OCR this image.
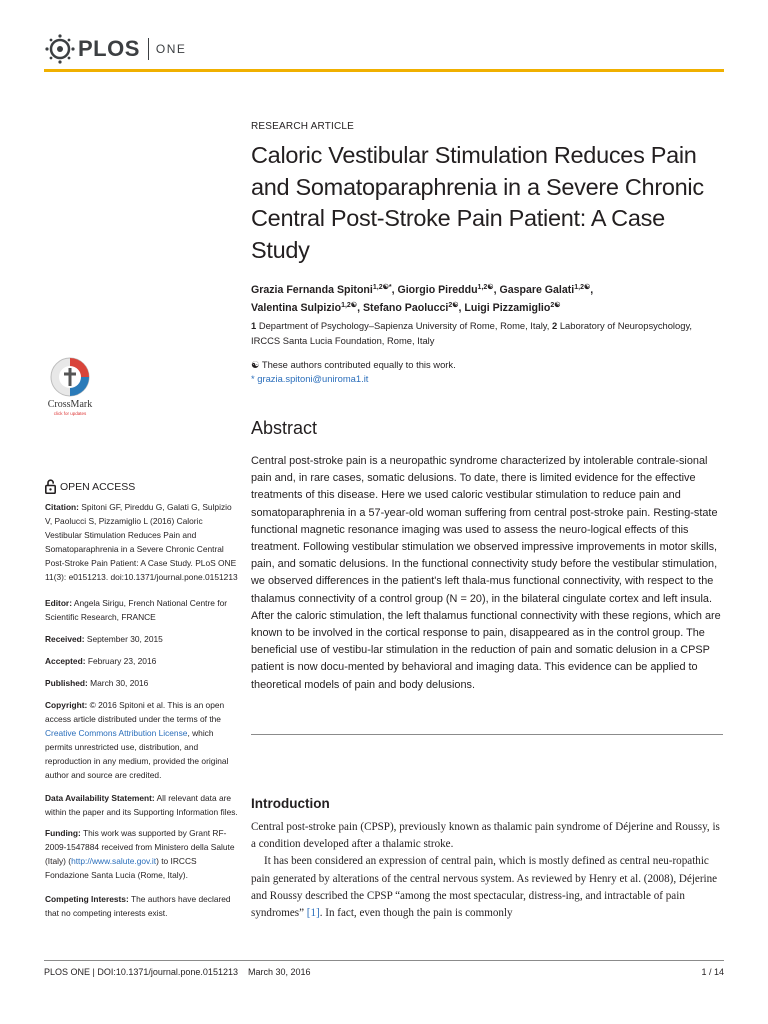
PLOS ONE
RESEARCH ARTICLE
Caloric Vestibular Stimulation Reduces Pain and Somatoparaphrenia in a Severe Chronic Central Post-Stroke Pain Patient: A Case Study
Grazia Fernanda Spitoni$^{1,2☯*}$, Giorgio Pireddu$^{1,2☯}$, Gaspare Galati$^{1,2☯}$,
Valentina Sulpizio$^{1,2☯}$, Stefano Paolucci$^{2☯}$, Luigi Pizzamiglio$^{2☯}$
1 Department of Psychology–Sapienza University of Rome, Rome, Italy, 2 Laboratory of Neuropsychology, IRCCS Santa Lucia Foundation, Rome, Italy
☯ These authors contributed equally to this work.
* grazia.spitoni@uniroma1.it
Abstract

Central post-stroke pain is a neuropathic syndrome characterized by intolerable contrale-sional pain and, in rare cases, somatic delusions. To date, there is limited evidence for the effective treatments of this disease. Here we used caloric vestibular stimulation to reduce pain and somatoparaphrenia in a 57-year-old woman suffering from central post-stroke pain. Resting-state functional magnetic resonance imaging was used to assess the neuro-logical effects of this treatment. Following vestibular stimulation we observed impressive improvements in motor skills, pain, and somatic delusions. In the functional connectivity study before the vestibular stimulation, we observed differences in the patient's left thala-mus functional connectivity, with respect to the thalamus connectivity of a control group (N = 20), in the bilateral cingulate cortex and left insula. After the caloric stimulation, the left thalamus functional connectivity with these regions, which are known to be involved in the cortical response to pain, disappeared as in the control group. The beneficial use of vestibu-lar stimulation in the reduction of pain and somatic delusion in a CPSP patient is now docu-mented by behavioral and imaging data. This evidence can be applied to theoretical models of pain and body delusions.

Introduction
Central post-stroke pain (CPSP), previously known as thalamic pain syndrome of Déjerine and Roussy, is a condition developed after a thalamic stroke.
It has been considered an expression of central pain, which is mostly defined as central neu-ropathic pain generated by alterations of the central nervous system. As reviewed by Henry et al. (2008), Déjerine and Roussy described the CPSP “among the most spectacular, distress-ing, and intractable of pain syndromes” [1]. In fact, even though the pain is commonly
CrossMark
click for updates
OPEN ACCESS
Citation: Spitoni GF, Pireddu G, Galati G, Sulpizio V, Paolucci S, Pizzamiglio L (2016) Caloric Vestibular Stimulation Reduces Pain and Somatoparaphrenia in a Severe Chronic Central Post-Stroke Pain Patient: A Case Study. PLoS ONE 11(3): e0151213. doi:10.1371/journal.pone.0151213
Editor: Angela Sirigu, French National Centre for Scientific Research, FRANCE
Received: September 30, 2015
Accepted: February 23, 2016
Published: March 30, 2016
Copyright: © 2016 Spitoni et al. This is an open access article distributed under the terms of the Creative Commons Attribution License, which permits unrestricted use, distribution, and reproduction in any medium, provided the original author and source are credited.
Data Availability Statement: All relevant data are within the paper and its Supporting Information files.
Funding: This work was supported by Grant RF-2009-1547884 received from Ministero della Salute (Italy) (http://www.salute.gov.it) to IRCCS Fondazione Santa Lucia (Rome, Italy).
Competing Interests: The authors have declared that no competing interests exist.
PLOS ONE | DOI:10.1371/journal.pone.0151213    March 30, 2016	1 / 14
